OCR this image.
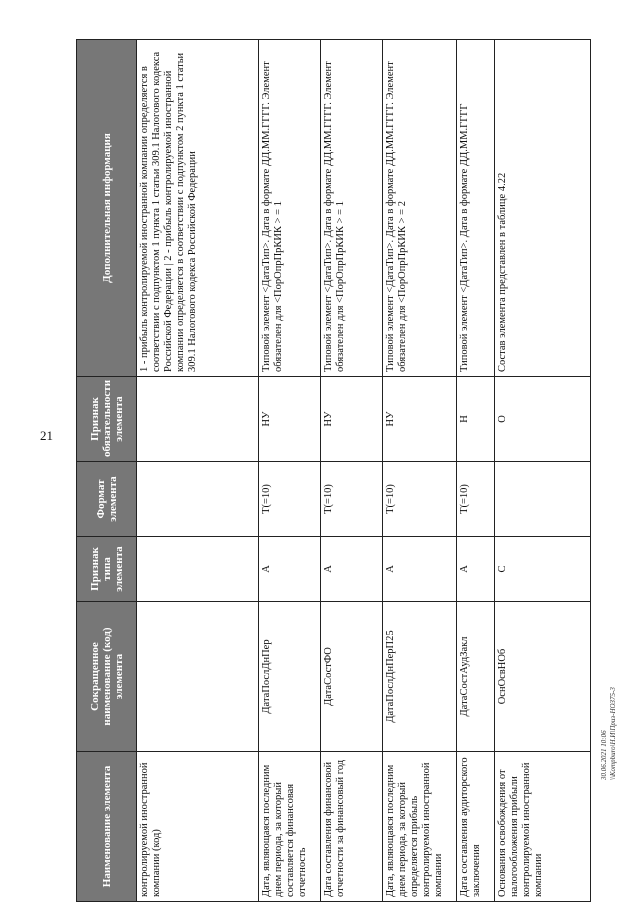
21
Наименование элемента	Сокращенное наименование (код) элемента	Признак типа элемента	Формат элемента	Признак обязательности элемента	Дополнительная информация
контролируемой иностранной компании (код)					1 - прибыль контролируемой иностранной компании определяется в соответствии с подпунктом 1 пункта 1 статьи 309.1 Налогового кодекса Российской Федерации | 2 - прибыль контролируемой иностранной компании определяется в соответствии с подпунктом 2 пункта 1 статьи 309.1 Налогового кодекса Российской Федерации
Дата, являющаяся последним днем периода, за который составляется финансовая отчетность	ДатаПослДнПер	А	T(=10)	НУ	Типовой элемент <ДатаТип>. Дата в формате ДД.ММ.ГГГГ. Элемент обязателен для <ПорОпрПрКИК > = 1
Дата составления финансовой отчетности за финансовый год	ДатаСостФО	А	T(=10)	НУ	Типовой элемент <ДатаТип>. Дата в формате ДД.ММ.ГГГГ. Элемент обязателен для <ПорОпрПрКИК > = 1
Дата, являющаяся последним днем периода, за который определяется прибыль контролируемой иностранной компании	ДатаПослДнПерП25	А	T(=10)	НУ	Типовой элемент <ДатаТип>. Дата в формате ДД.ММ.ГГГГ. Элемент обязателен для <ПорОпрПрКИК > = 2
Дата составления аудиторского заключения	ДатаСостАудЗакл	А	T(=10)	Н	Типовой элемент <ДатаТип>. Дата в формате ДД.ММ.ГГГГ
Основания освобождения от налогообложения прибыли контролируемой иностранной компании	ОснОсвНОб	С		О	Состав элемента представлен в таблице 4.22
30.06.2021 10:06 \\Kompburo\Н.И\Приз-НОЗ75-3
